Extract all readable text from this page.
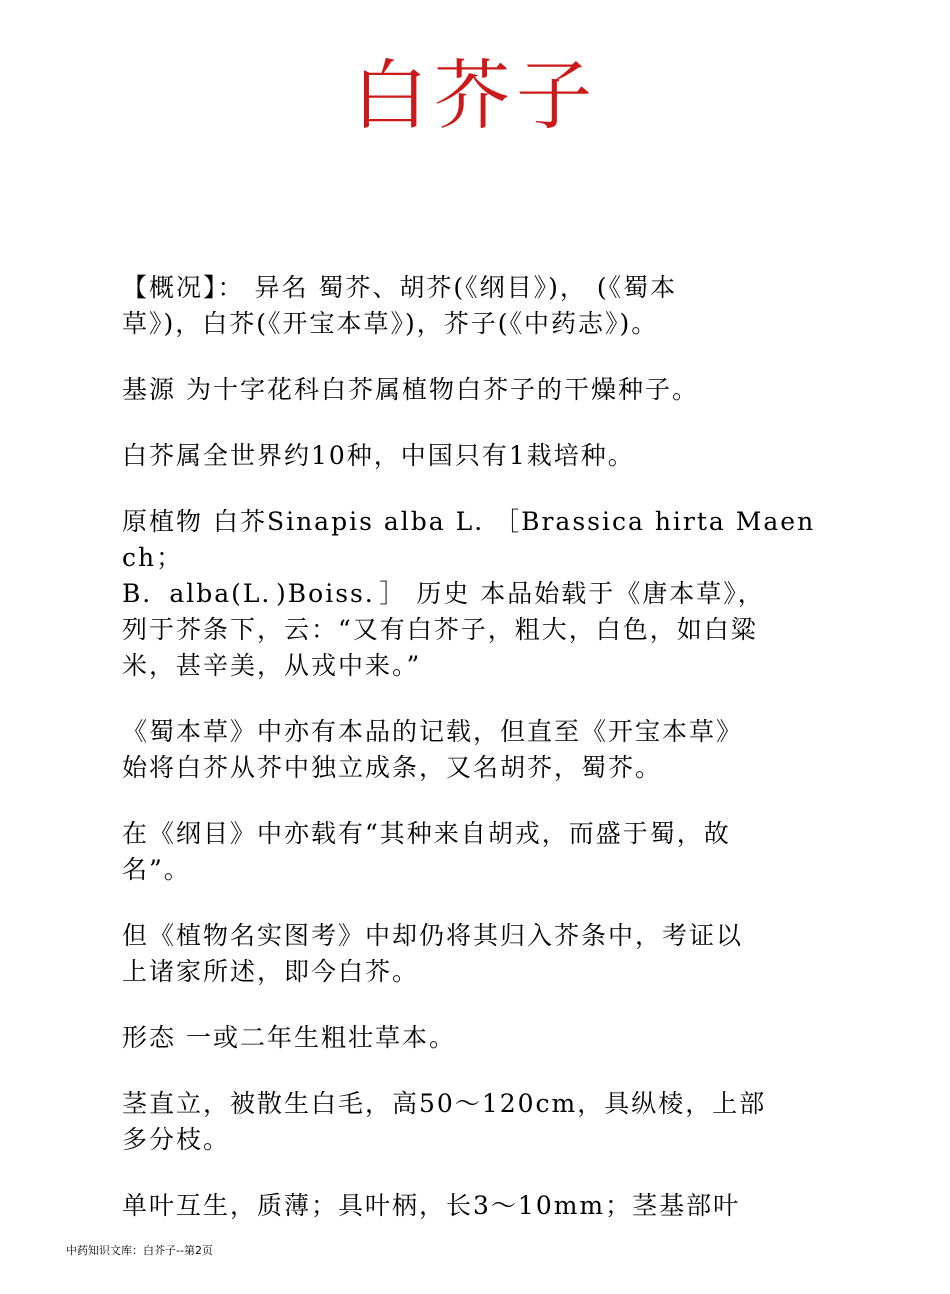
白芥子

【概况】： 异名 蜀芥、胡芥(《纲目》)， (《蜀本
草》)，白芥(《开宝本草》)，芥子(《中药志》)。

基源 为十字花科白芥属植物白芥子的干燥种子。

白芥属全世界约10种，中国只有1栽培种。

原植物 白芥Sinapis alba L. ［Brassica hirta Maench；
B．alba(L．)Boiss．］ 历史 本品始载于《唐本草》，
列于芥条下，云：“又有白芥子，粗大，白色，如白粱
米，甚辛美，从戎中来。”

《蜀本草》中亦有本品的记载，但直至《开宝本草》
始将白芥从芥中独立成条，又名胡芥，蜀芥。

在《纲目》中亦载有“其种来自胡戎，而盛于蜀，故
名”。

但《植物名实图考》中却仍将其归入芥条中，考证以
上诸家所述，即今白芥。

形态 一或二年生粗壮草本。

茎直立，被散生白毛，高50～120cm，具纵棱，上部
多分枝。

单叶互生，质薄；具叶柄，长3～10mm；茎基部叶

中药知识文库：白芥子--第2页
